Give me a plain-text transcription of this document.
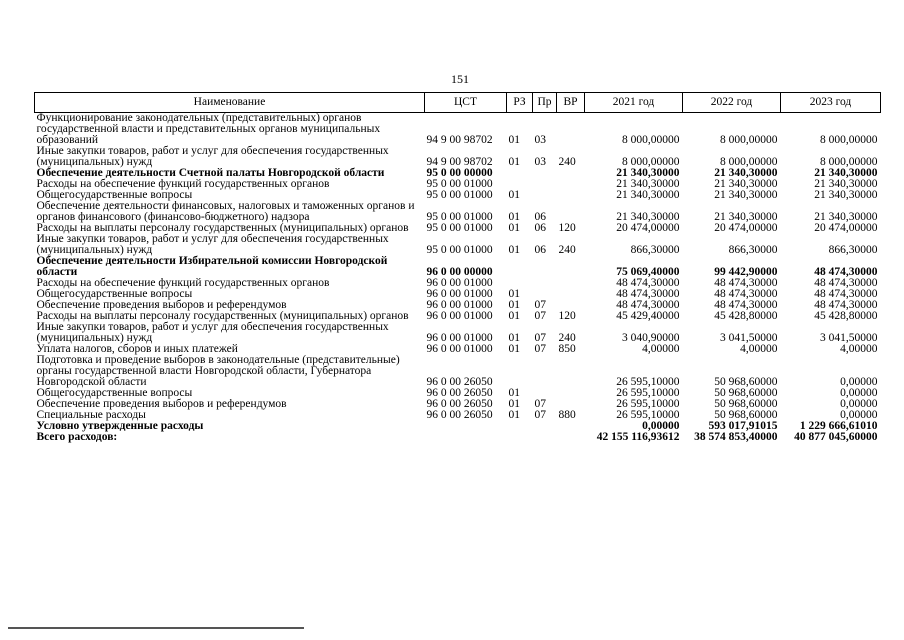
151
Наименование	ЦСТ	РЗ	Пр	ВР	2021 год	2022 год	2023 год
Функционирование законодательных (представительных) органов государственной власти и представительных органов муниципальных образований	94 9 00 98702	01	03		8 000,00000	8 000,00000	8 000,00000
Иные закупки товаров, работ и услуг для обеспечения государственных (муниципальных) нужд	94 9 00 98702	01	03	240	8 000,00000	8 000,00000	8 000,00000
Обеспечение деятельности Счетной палаты Новгородской области	95 0 00 00000				21 340,30000	21 340,30000	21 340,30000
Расходы на обеспечение функций государственных органов	95 0 00 01000				21 340,30000	21 340,30000	21 340,30000
Общегосударственные вопросы	95 0 00 01000	01			21 340,30000	21 340,30000	21 340,30000
Обеспечение деятельности финансовых, налоговых и таможенных органов и органов финансового (финансово-бюджетного) надзора	95 0 00 01000	01	06		21 340,30000	21 340,30000	21 340,30000
Расходы на выплаты персоналу государственных (муниципальных) органов	95 0 00 01000	01	06	120	20 474,00000	20 474,00000	20 474,00000
Иные закупки товаров, работ и услуг для обеспечения государственных (муниципальных) нужд	95 0 00 01000	01	06	240	866,30000	866,30000	866,30000
Обеспечение деятельности Избирательной комиссии Новгородской области	96 0 00 00000				75 069,40000	99 442,90000	48 474,30000
Расходы на обеспечение функций государственных органов	96 0 00 01000				48 474,30000	48 474,30000	48 474,30000
Общегосударственные вопросы	96 0 00 01000	01			48 474,30000	48 474,30000	48 474,30000
Обеспечение проведения выборов и референдумов	96 0 00 01000	01	07		48 474,30000	48 474,30000	48 474,30000
Расходы на выплаты персоналу государственных (муниципальных) органов	96 0 00 01000	01	07	120	45 429,40000	45 428,80000	45 428,80000
Иные закупки товаров, работ и услуг для обеспечения государственных (муниципальных) нужд	96 0 00 01000	01	07	240	3 040,90000	3 041,50000	3 041,50000
Уплата налогов, сборов и иных платежей	96 0 00 01000	01	07	850	4,00000	4,00000	4,00000
Подготовка и проведение выборов в законодательные (представительные) органы государственной власти Новгородской области, Губернатора Новгородской области	96 0 00 26050				26 595,10000	50 968,60000	0,00000
Общегосударственные вопросы	96 0 00 26050	01			26 595,10000	50 968,60000	0,00000
Обеспечение проведения выборов и референдумов	96 0 00 26050	01	07		26 595,10000	50 968,60000	0,00000
Специальные расходы	96 0 00 26050	01	07	880	26 595,10000	50 968,60000	0,00000
Условно утвержденные расходы					0,00000	593 017,91015	1 229 666,61010
Всего расходов:					42 155 116,93612	38 574 853,40000	40 877 045,60000
